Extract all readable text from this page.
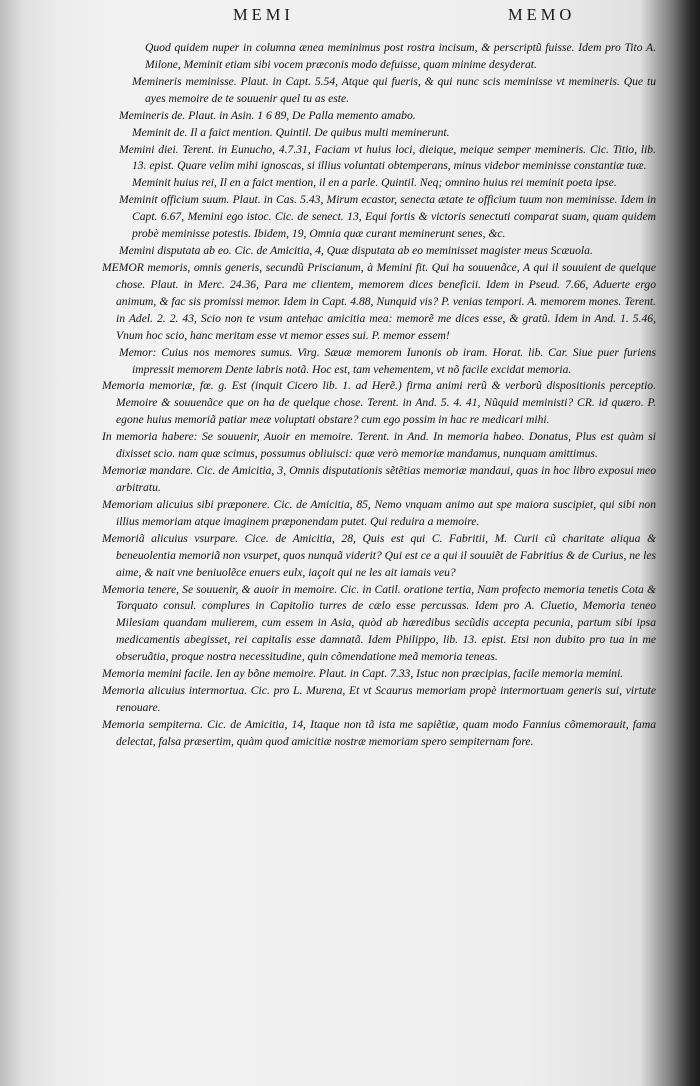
MEMI	MEMO

Quod quidem nuper in columna ænea meminimus post rostra incisum, & perscriptũ fuisse. Idem pro Tito A. Milone, Meminit etiam sibi vocem præconis modo defuisse, quam minime desyderat.

Memineris meminisse. Plaut. in Capt. 5.54, Atque qui fueris, & qui nunc scis meminisse vt memineris. Que tu ayes memoire de te souuenir quel tu as este.

Memineris de. Plaut. in Asin. 1 6 89, De Palla memento amabo.

Meminit de. Il a faict mention. Quintil. De quibus multi meminerunt.

Memini diei. Terent. in Eunucho, 4.7.31, Faciam vt huius loci, dieique, meique semper memineris. Cic. Titio, lib. 13. epist. Quare velim mihi ignoscas, si illius voluntati obtemperans, minus videbor meminisse constantiæ tuæ.

Meminit huius rei, Il en a faict mention, il en a parle. Quintil. Neq; omnino huius rei meminit poeta ipse.

Meminit officium suum. Plaut. in Cas. 5.43, Mirum ecastor, senecta ætate te officium tuum non meminisse. Idem in Capt. 6.67, Memini ego istoc. Cic. de senect. 13, Equi fortis & victoris senectuti comparat suam, quam quidem probè meminisse potestis. Ibidem, 19, Omnia quæ curant meminerunt senes, &c.

Memini disputata ab eo. Cic. de Amicitia, 4, Quæ disputata ab eo meminisset magister meus Scæuola.

MEMOR memoris, omnis generis, secundũ Priscianum, à Memini fit. Qui ha souuenãce, A qui il souuient de quelque chose. Plaut. in Merc. 24.36, Para me clientem, memorem dices beneficii. Idem in Pseud. 7.66, Aduerte ergo animum, & fac sis promissi memor. Idem in Capt. 4.88, Nunquid vis? P. venias tempori. A. memorem mones. Terent. in Adel. 2. 2. 43, Scio non te vsum antehac amicitia mea: memorẽ me dices esse, & gratũ. Idem in And. 1. 5.46, Vnum hoc scio, hanc meritam esse vt memor esses sui. P. memor essem!

Memor: Cuius nos memores sumus. Virg. Sæuæ memorem Iunonis ob iram. Horat. lib. Car. Siue puer furiens impressit memorem Dente labris notã. Hoc est, tam vehementem, vt nõ facile excidat memoria.

Memoria memoriæ, fœ. g. Est (inquit Cicero lib. 1. ad Herẽ.) firma animi rerũ & verborũ dispositionis perceptio. Memoire & souuenãce que on ha de quelque chose. Terent. in And. 5. 4. 41, Nũquid meministi? CR. id quæro. P. egone huius memoriã patiar meæ voluptati obstare? cum ego possim in hac re medicari mihi.

In memoria habere: Se souuenir, Auoir en memoire. Terent. in And. In memoria habeo. Donatus, Plus est quàm si dixisset scio. nam quæ scimus, possumus obliuisci: quæ verò memoriæ mandamus, nunquam amittimus.

Memoriæ mandare. Cic. de Amicitia, 3, Omnis disputationis sẽtẽtias memoriæ mandaui, quas in hoc libro exposui meo arbitratu.

Memoriam alicuius sibi præponere. Cic. de Amicitia, 85, Nemo vnquam animo aut spe maiora suscipiet, qui sibi non illius memoriam atque imaginem præponendam putet. Qui reduira a memoire.

Memoriã alicuius vsurpare. Cice. de Amicitia, 28, Quis est qui C. Fabritii, M. Curii cũ charitate aliqua & beneuolentia memoriã non vsurpet, quos nunquã viderit? Qui est ce a qui il souuiẽt de Fabritius & de Curius, ne les aime, & nait vne beniuolẽce enuers eulx, iaçoit qui ne les ait iamais veu?

Memoria tenere, Se souuenir, & auoir in memoire. Cic. in Catil. oratione tertia, Nam profecto memoria tenetis Cota & Torquato consul. complures in Capitolio turres de cælo esse percussas. Idem pro A. Cluetio, Memoria teneo Milesiam quandam mulierem, cum essem in Asia, quòd ab hæredibus secũdis accepta pecunia, partum sibi ipsa medicamentis abegisset, rei capitalis esse damnatã. Idem Philippo, lib. 13. epist. Etsi non dubito pro tua in me obseruãtia, proque nostra necessitudine, quin cõmendatione meã memoria teneas.

Memoria memini facile. Ien ay bõne memoire. Plaut. in Capt. 7.33, Istuc non præcipias, facile memoria memini.

Memoria alicuius intermortua. Cic. pro L. Murena, Et vt Scaurus memoriam propè intermortuam generis sui, virtute renouare.

Memoria sempiterna. Cic. de Amicitia, 14, Itaque non tã ista me sapiẽtiæ, quam modo Fannius cõmemorauit, fama delectat, falsa præsertim, quàm quod amicitiæ nostræ memoriam spero sempiternam fore.
